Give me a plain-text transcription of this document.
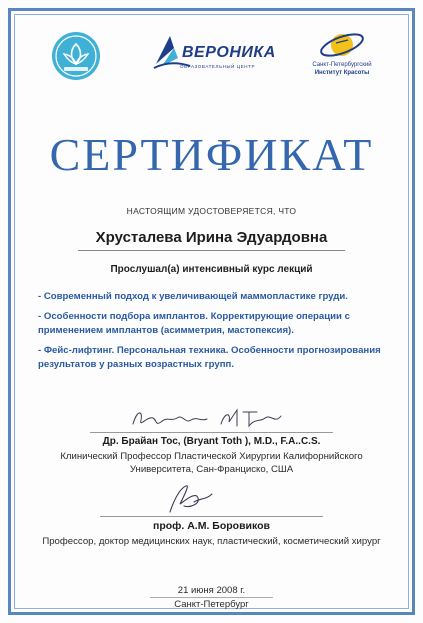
ВЕРОНИКА
ОБРАЗОВАТЕЛЬНЫЙ ЦЕНТР	Санкт-Петербургский
Институт Красоты
СЕРТИФИКАТ
НАСТОЯЩИМ УДОСТОВЕРЯЕТСЯ, ЧТО
Хрусталева Ирина Эдуардовна
Прослушал(а) интенсивный курс лекций
- Современный подход к увеличивающей маммопластике груди.
- Особенности подбора имплантов. Корректирующие операции с применением имплантов (асимметрия, мастопексия).
- Фейс-лифтинг. Персональная техника. Особенности прогнозирования результатов у разных возрастных групп.
Др. Брайан Тос, (Bryant Toth ), M.D., F.A..C.S.
Клинический Профессор Пластической Хирургии Калифорнийского Университета, Сан-Франциско, США
проф. А.М. Боровиков
Профессор, доктор медицинских наук, пластический, косметический хирург
21 июня 2008 г.
Санкт-Петербург
